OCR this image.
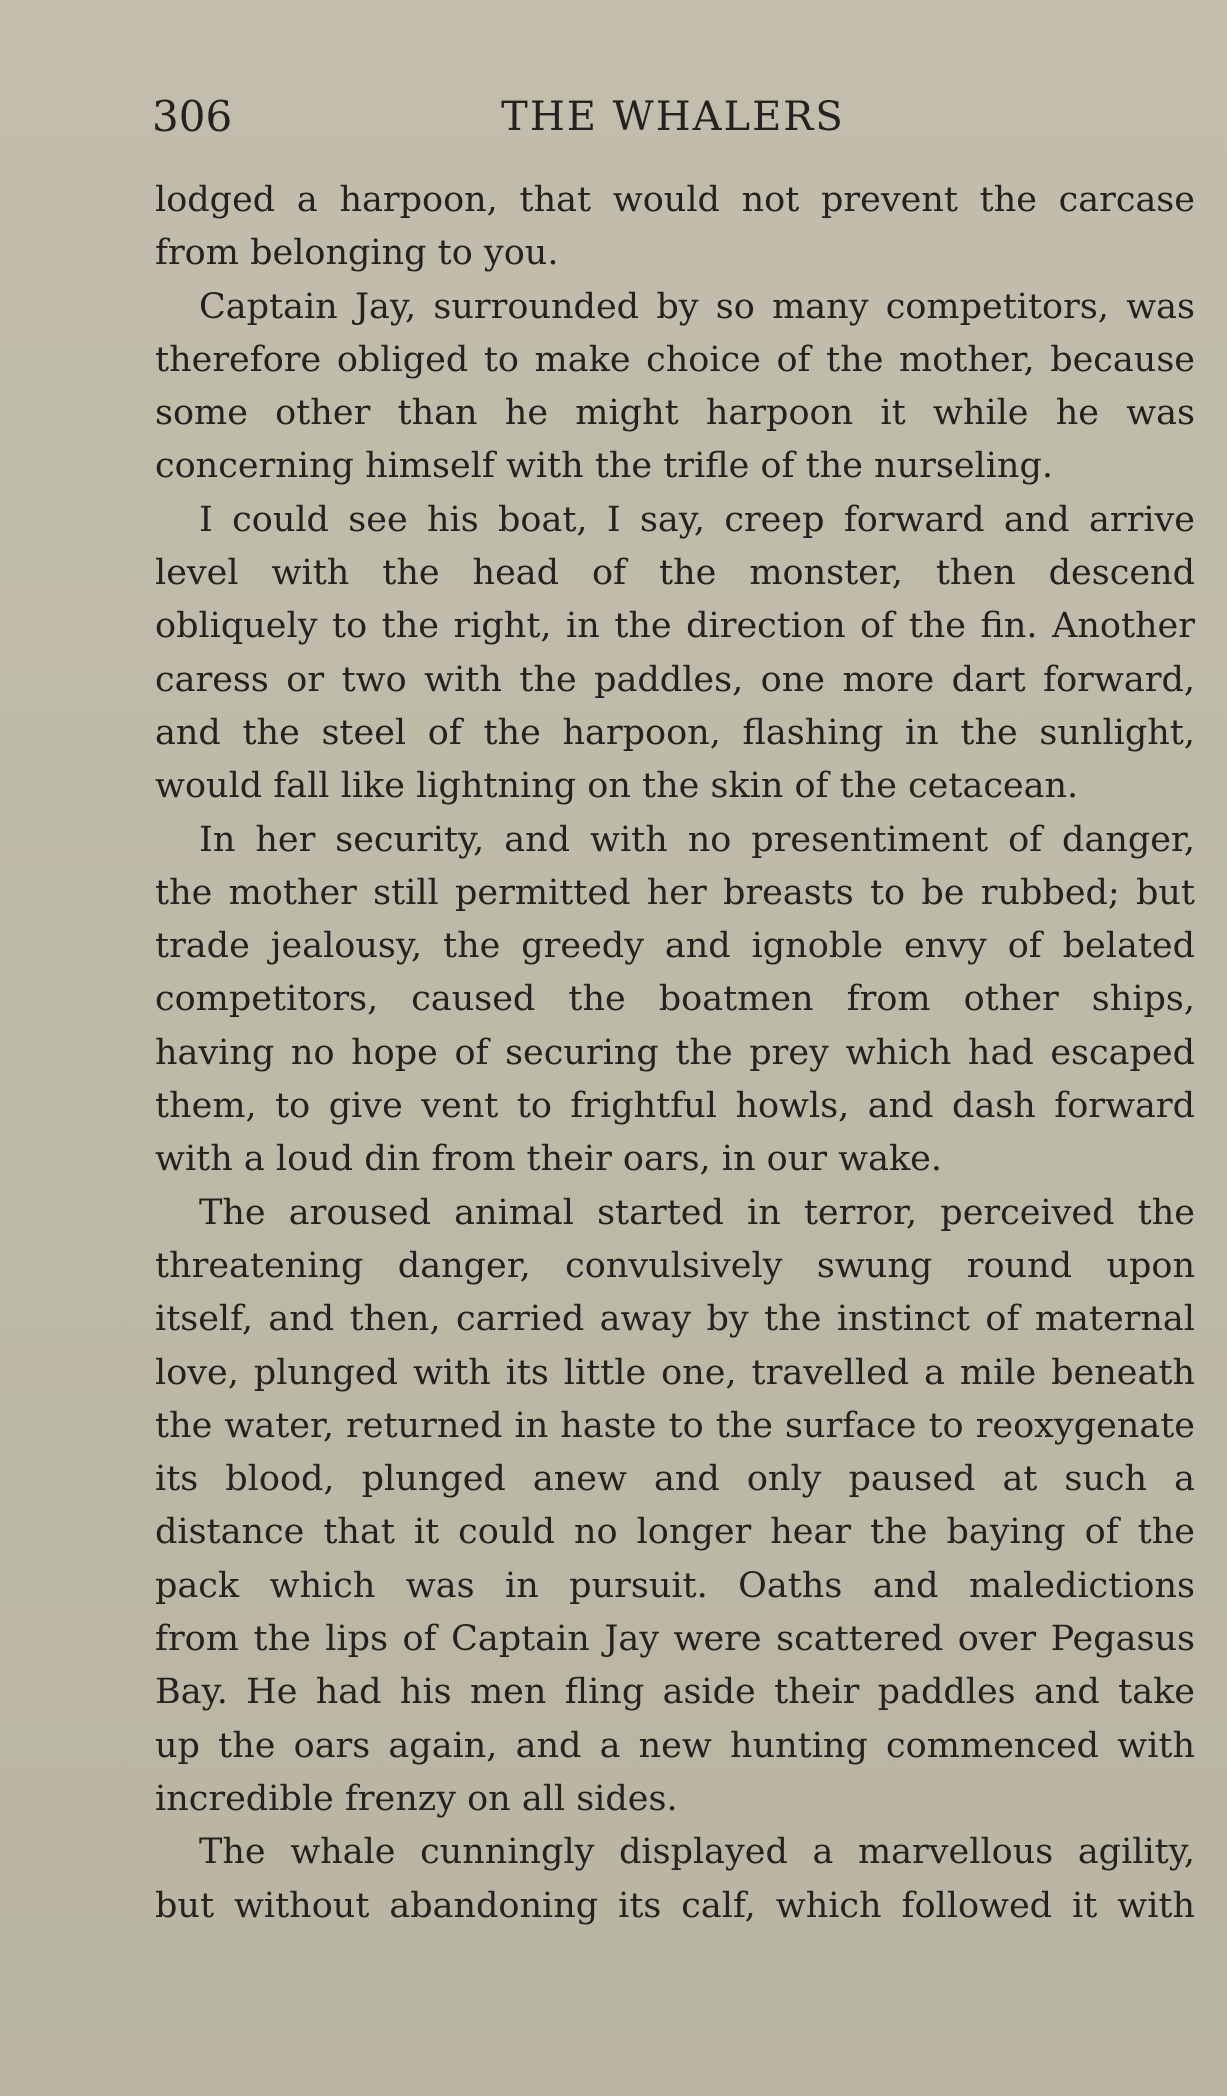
306	THE WHALERS

lodged a harpoon, that would not prevent the carcase
from belonging to you.

Captain Jay, surrounded by so many competitors, was
therefore obliged to make choice of the mother, because
some other than he might harpoon it while he was
concerning himself with the trifle of the nurseling.

I could see his boat, I say, creep forward and arrive
level with the head of the monster, then descend
obliquely to the right, in the direction of the fin. Another
caress or two with the paddles, one more dart forward,
and the steel of the harpoon, flashing in the sunlight,
would fall like lightning on the skin of the cetacean.

In her security, and with no presentiment of danger,
the mother still permitted her breasts to be rubbed; but
trade jealousy, the greedy and ignoble envy of belated
competitors, caused the boatmen from other ships,
having no hope of securing the prey which had escaped
them, to give vent to frightful howls, and dash forward
with a loud din from their oars, in our wake.

The aroused animal started in terror, perceived the
threatening danger, convulsively swung round upon
itself, and then, carried away by the instinct of maternal
love, plunged with its little one, travelled a mile beneath
the water, returned in haste to the surface to reoxygenate
its blood, plunged anew and only paused at such a
distance that it could no longer hear the baying of the
pack which was in pursuit. Oaths and maledictions
from the lips of Captain Jay were scattered over Pegasus
Bay. He had his men fling aside their paddles and take
up the oars again, and a new hunting commenced with
incredible frenzy on all sides.

The whale cunningly displayed a marvellous agility,
but without abandoning its calf, which followed it with
